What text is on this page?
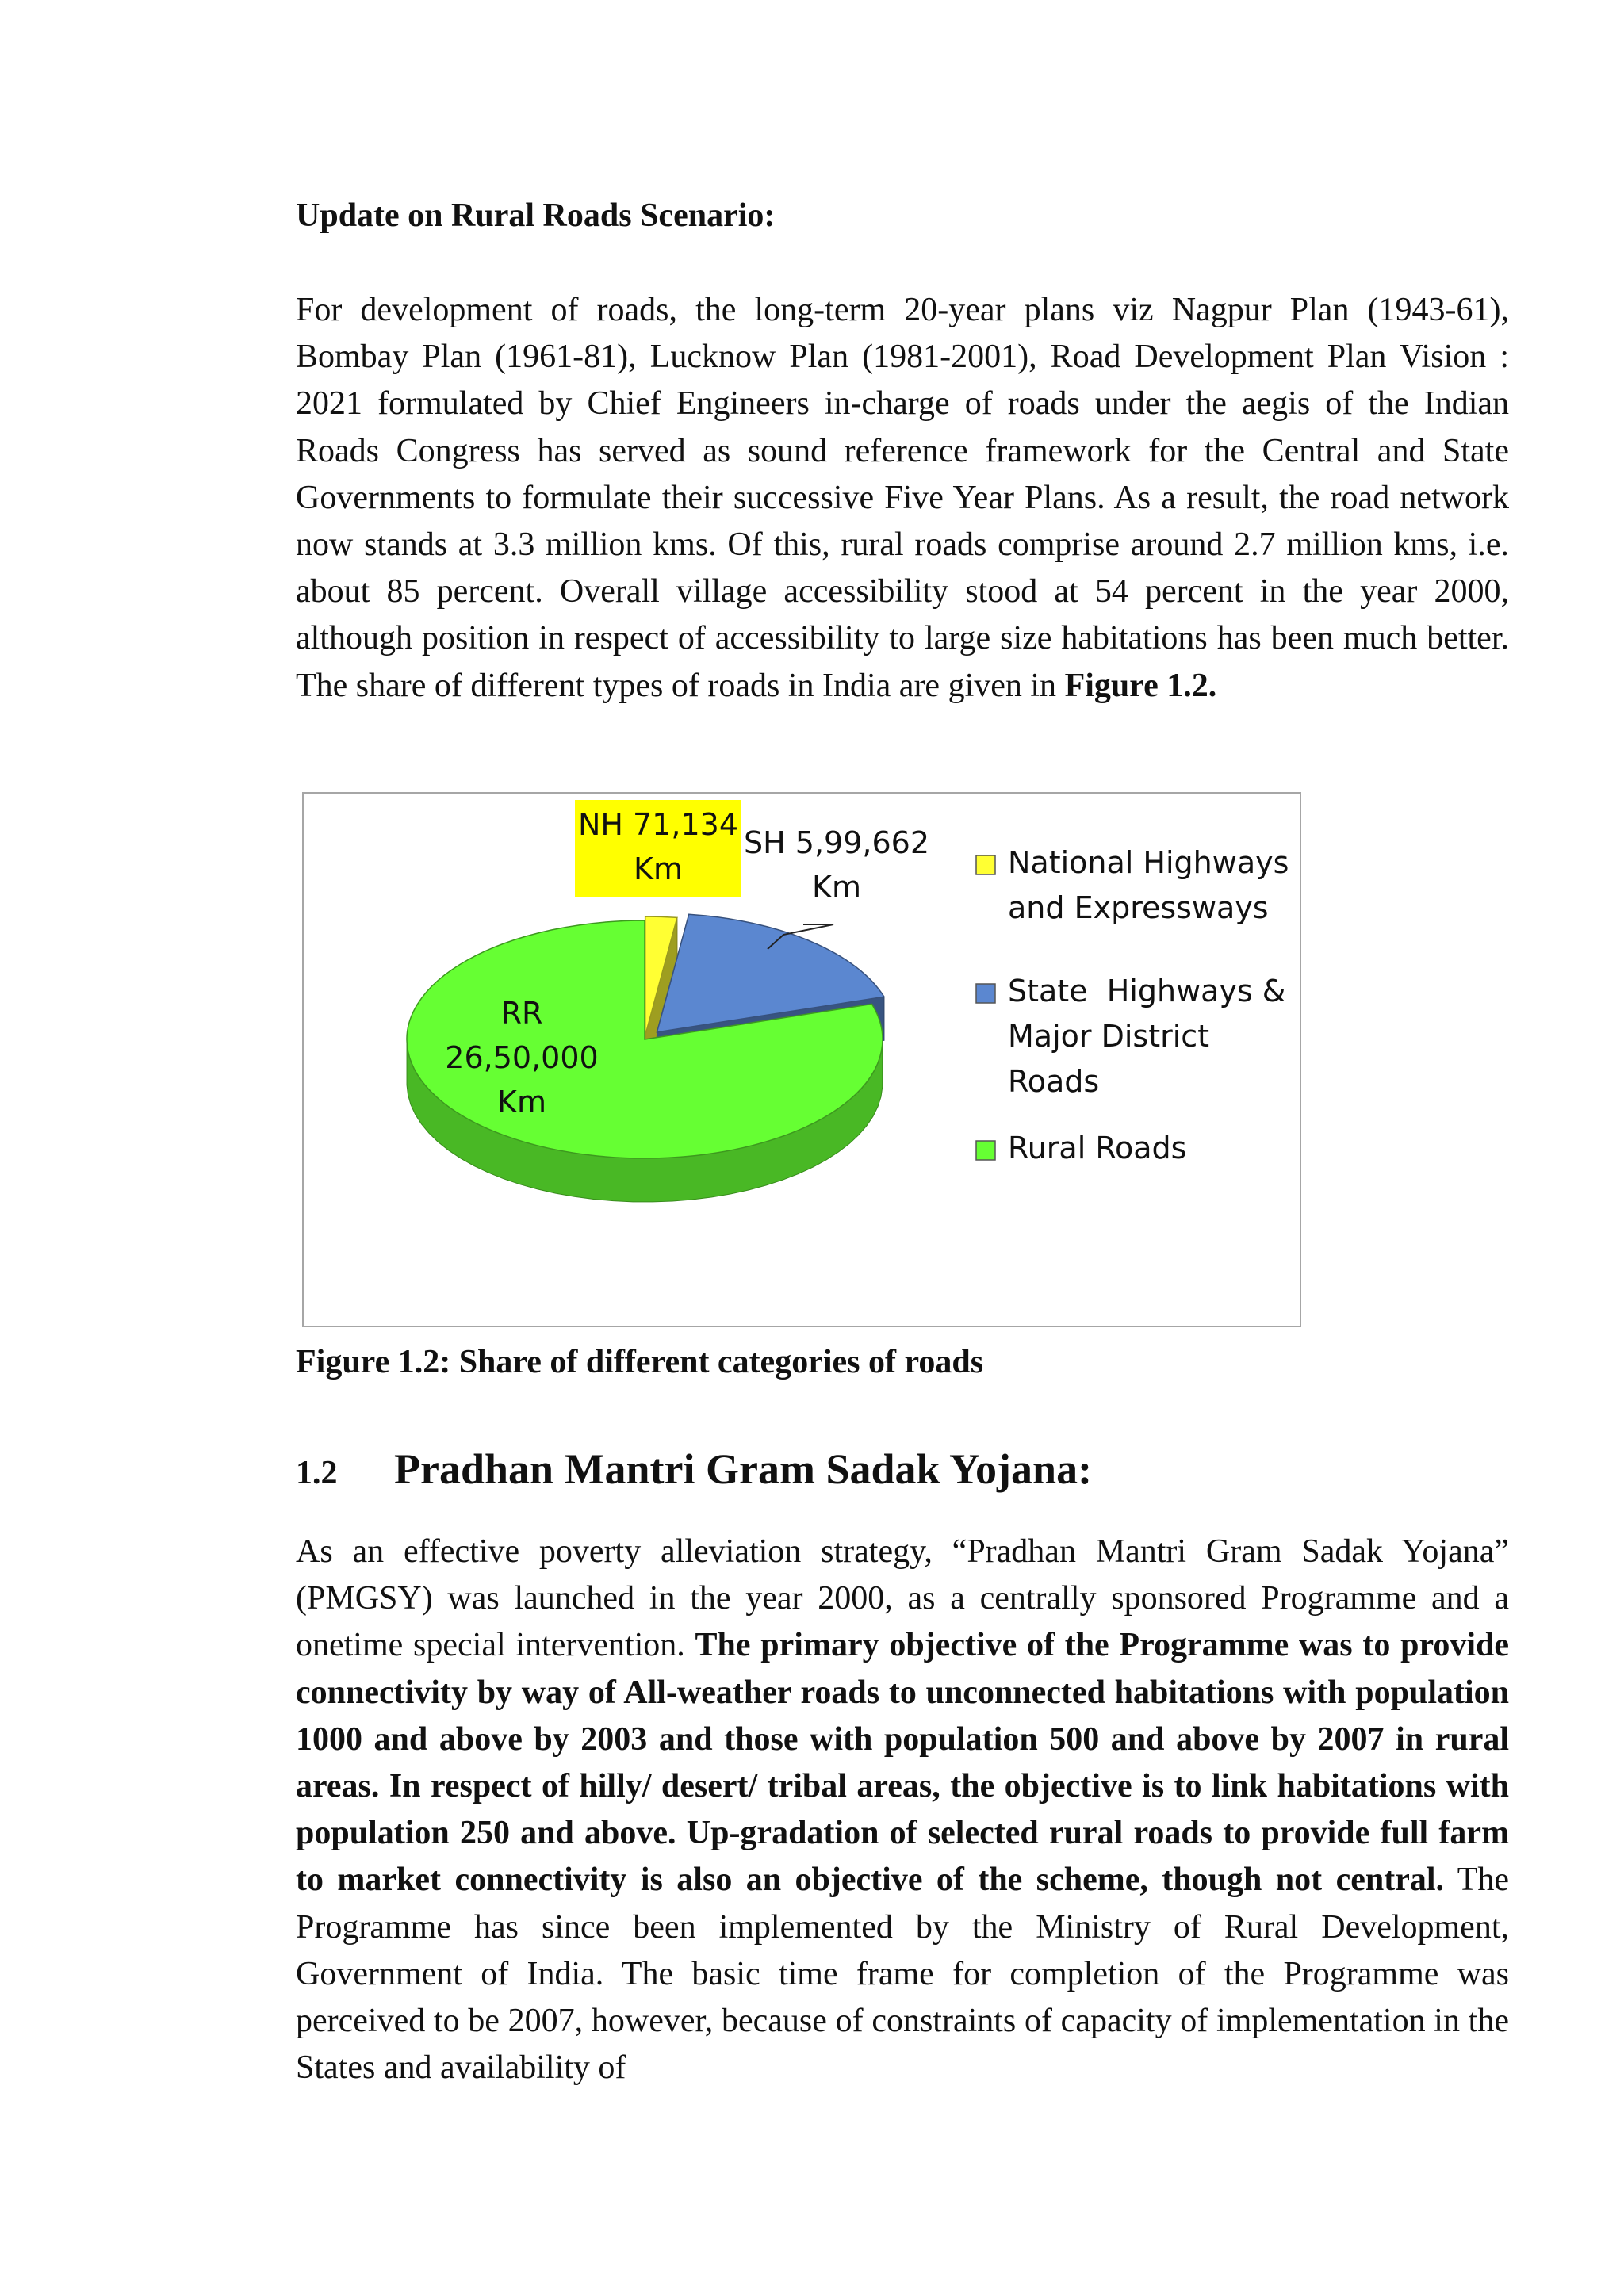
Update on Rural Roads Scenario:

For development of roads, the long-term 20-year plans viz Nagpur Plan (1943-61), Bombay Plan (1961-81), Lucknow Plan (1981-2001), Road Development Plan Vision : 2021 formulated by Chief Engineers in-charge of roads under the aegis of the Indian Roads Congress has served as sound reference framework for the Central and State Governments to formulate their successive Five Year Plans. As a result, the road network now stands at 3.3 million kms. Of this, rural roads comprise around 2.7 million kms, i.e. about 85 percent. Overall village accessibility stood at 54 percent in the year 2000, although position in respect of accessibility to large size habitations has been much better. The share of different types of roads in India are given in Figure 1.2.

NH 71,134
Km
SH 5,99,662
Km
RR
26,50,000
Km
National Highways
and Expressways
State  Highways &
Major District
Roads
Rural Roads

Figure 1.2: Share of different categories of roads

1.2	Pradhan Mantri Gram Sadak Yojana:

As an effective poverty alleviation strategy, “Pradhan Mantri Gram Sadak Yojana” (PMGSY) was launched in the year 2000, as a centrally sponsored Programme and a onetime special intervention. The primary objective of the Programme was to provide connectivity by way of All-weather roads to unconnected habitations with population 1000 and above by 2003 and those with population 500 and above by 2007 in rural areas. In respect of hilly/ desert/ tribal areas, the objective is to link habitations with population 250 and above. Up-gradation of selected rural roads to provide full farm to market connectivity is also an objective of the scheme, though not central. The Programme has since been implemented by the Ministry of Rural Development, Government of India. The basic time frame for completion of the Programme was perceived to be 2007, however, because of constraints of capacity of implementation in the States and availability of
